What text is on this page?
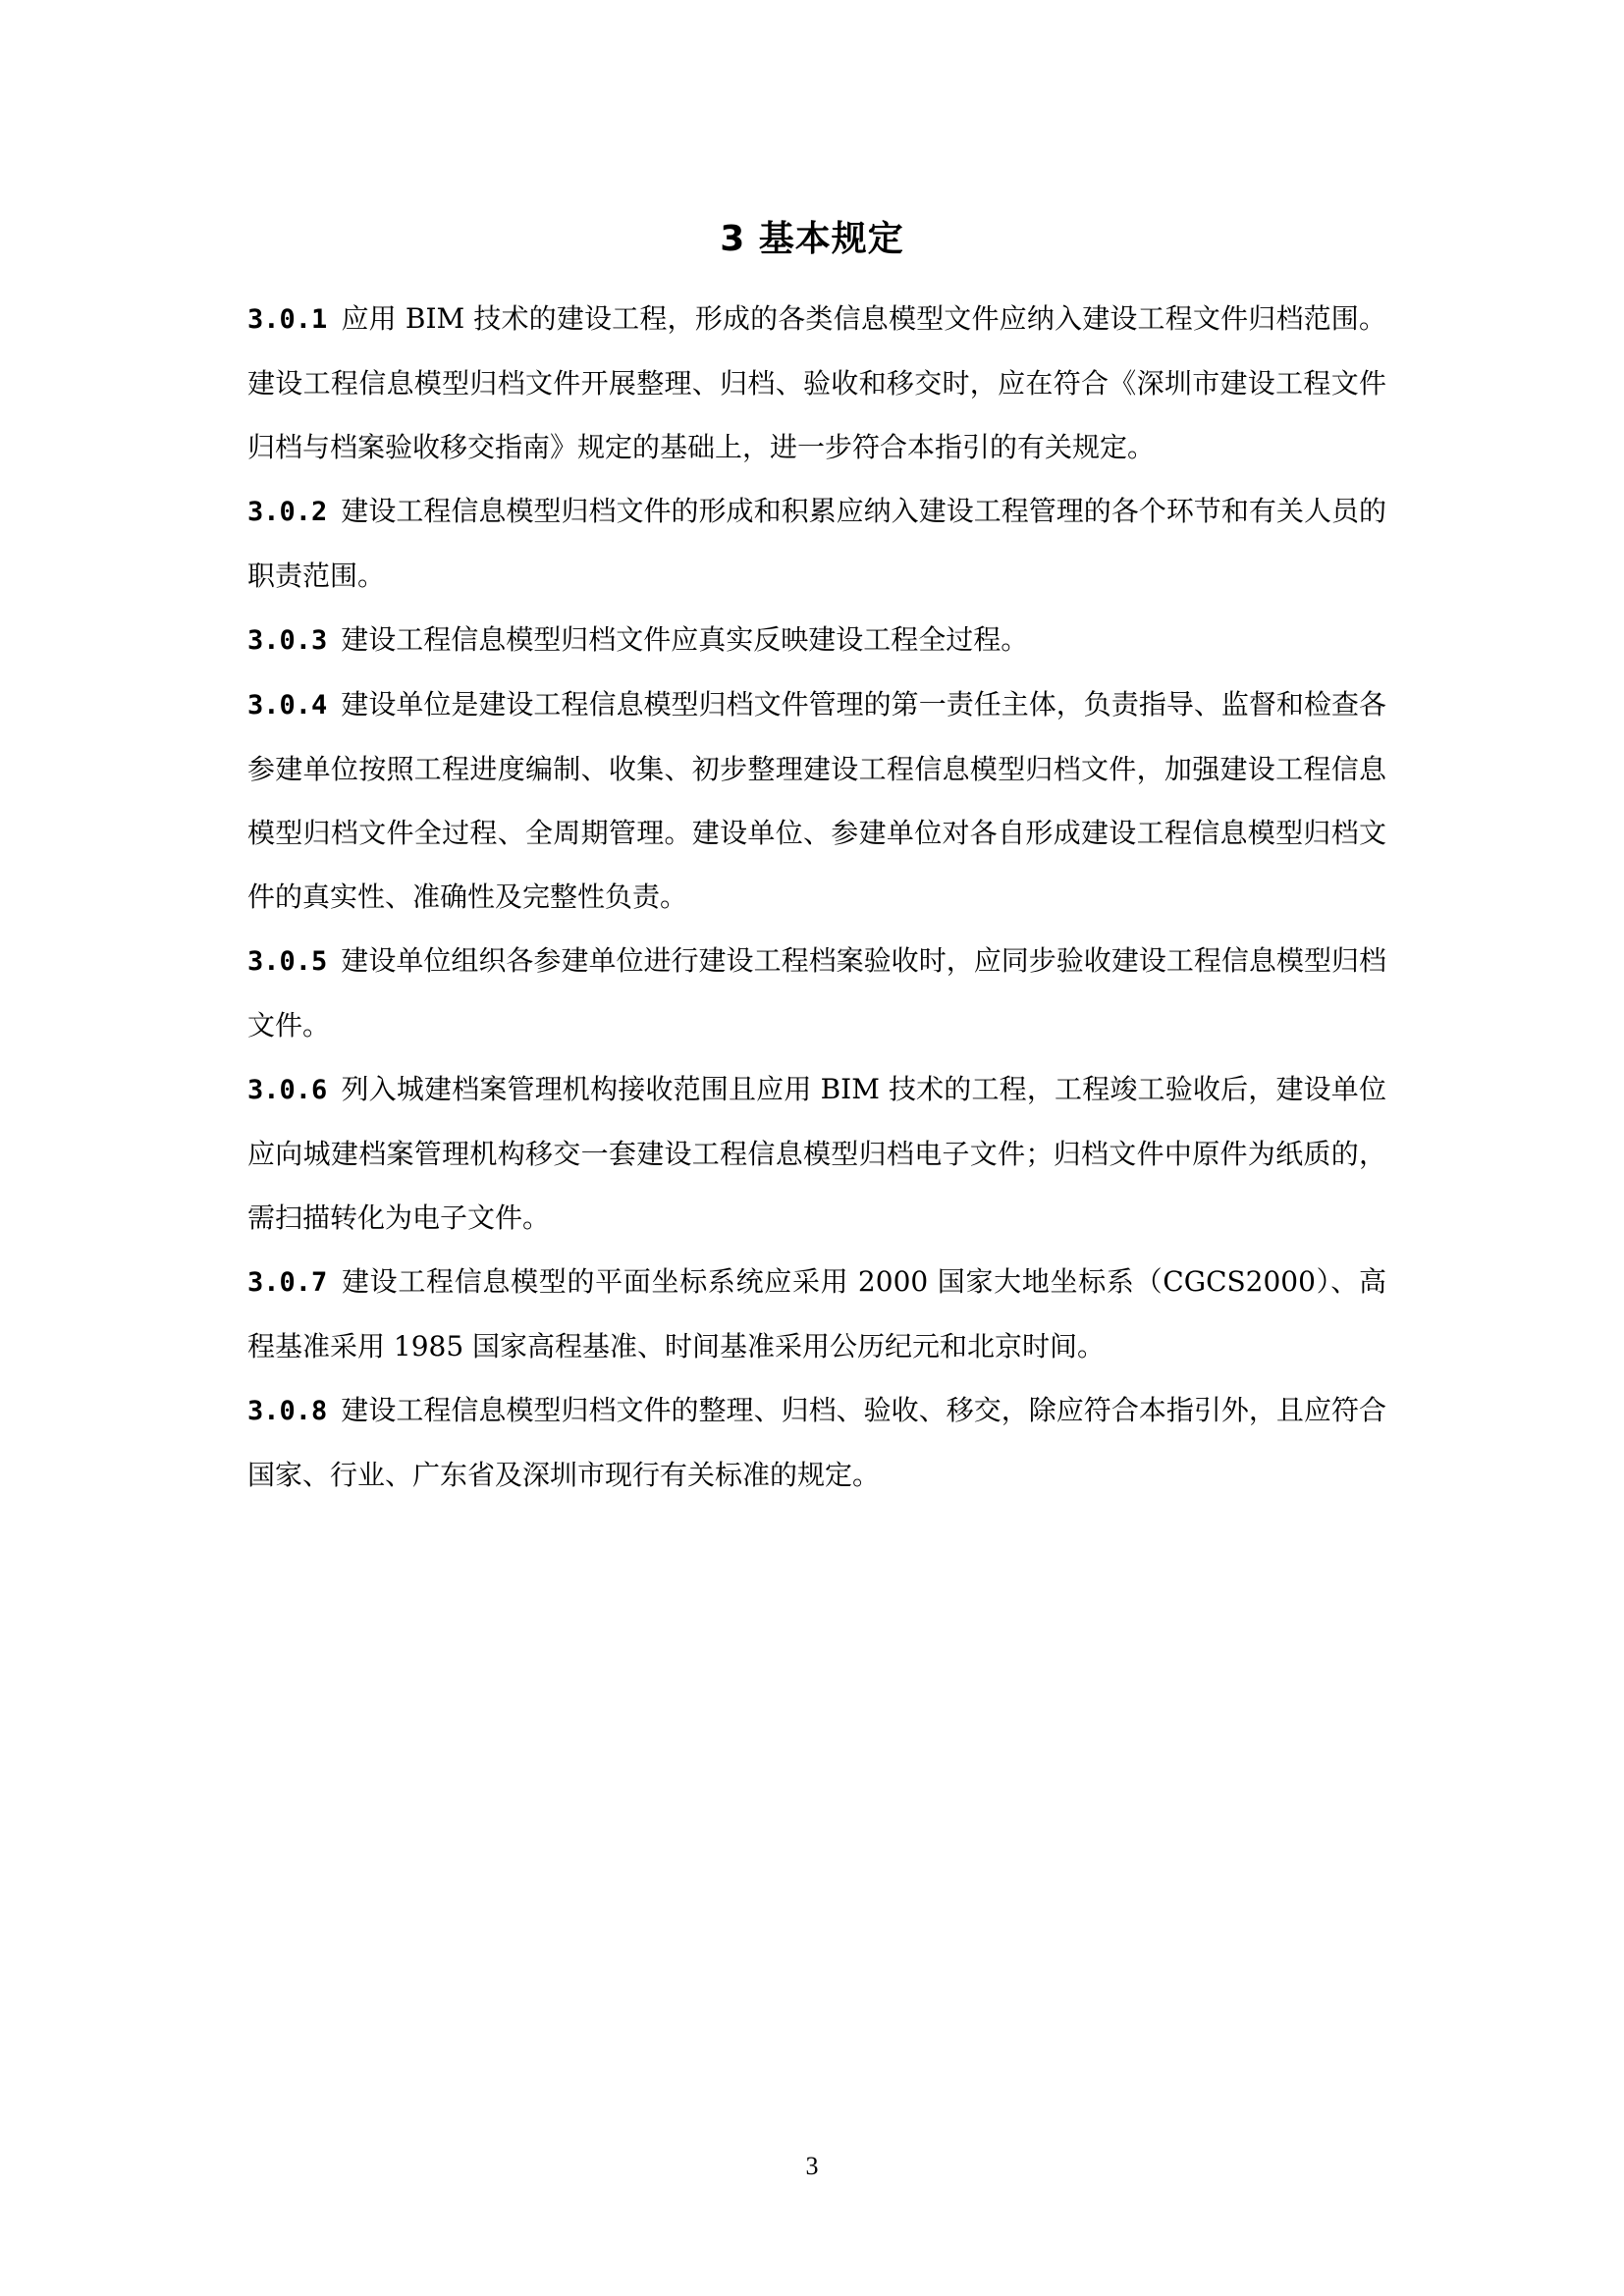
3 基本规定

3.0.1 应用 BIM 技术的建设工程，形成的各类信息模型文件应纳入建设工程文件归档范围。建设工程信息模型归档文件开展整理、归档、验收和移交时，应在符合《深圳市建设工程文件归档与档案验收移交指南》规定的基础上，进一步符合本指引的有关规定。

3.0.2 建设工程信息模型归档文件的形成和积累应纳入建设工程管理的各个环节和有关人员的职责范围。

3.0.3 建设工程信息模型归档文件应真实反映建设工程全过程。

3.0.4 建设单位是建设工程信息模型归档文件管理的第一责任主体，负责指导、监督和检查各参建单位按照工程进度编制、收集、初步整理建设工程信息模型归档文件，加强建设工程信息模型归档文件全过程、全周期管理。建设单位、参建单位对各自形成建设工程信息模型归档文件的真实性、准确性及完整性负责。

3.0.5 建设单位组织各参建单位进行建设工程档案验收时，应同步验收建设工程信息模型归档文件。

3.0.6 列入城建档案管理机构接收范围且应用 BIM 技术的工程，工程竣工验收后，建设单位应向城建档案管理机构移交一套建设工程信息模型归档电子文件；归档文件中原件为纸质的，需扫描转化为电子文件。

3.0.7 建设工程信息模型的平面坐标系统应采用 2000 国家大地坐标系（CGCS2000）、高程基准采用 1985 国家高程基准、时间基准采用公历纪元和北京时间。

3.0.8 建设工程信息模型归档文件的整理、归档、验收、移交，除应符合本指引外，且应符合国家、行业、广东省及深圳市现行有关标准的规定。

3
